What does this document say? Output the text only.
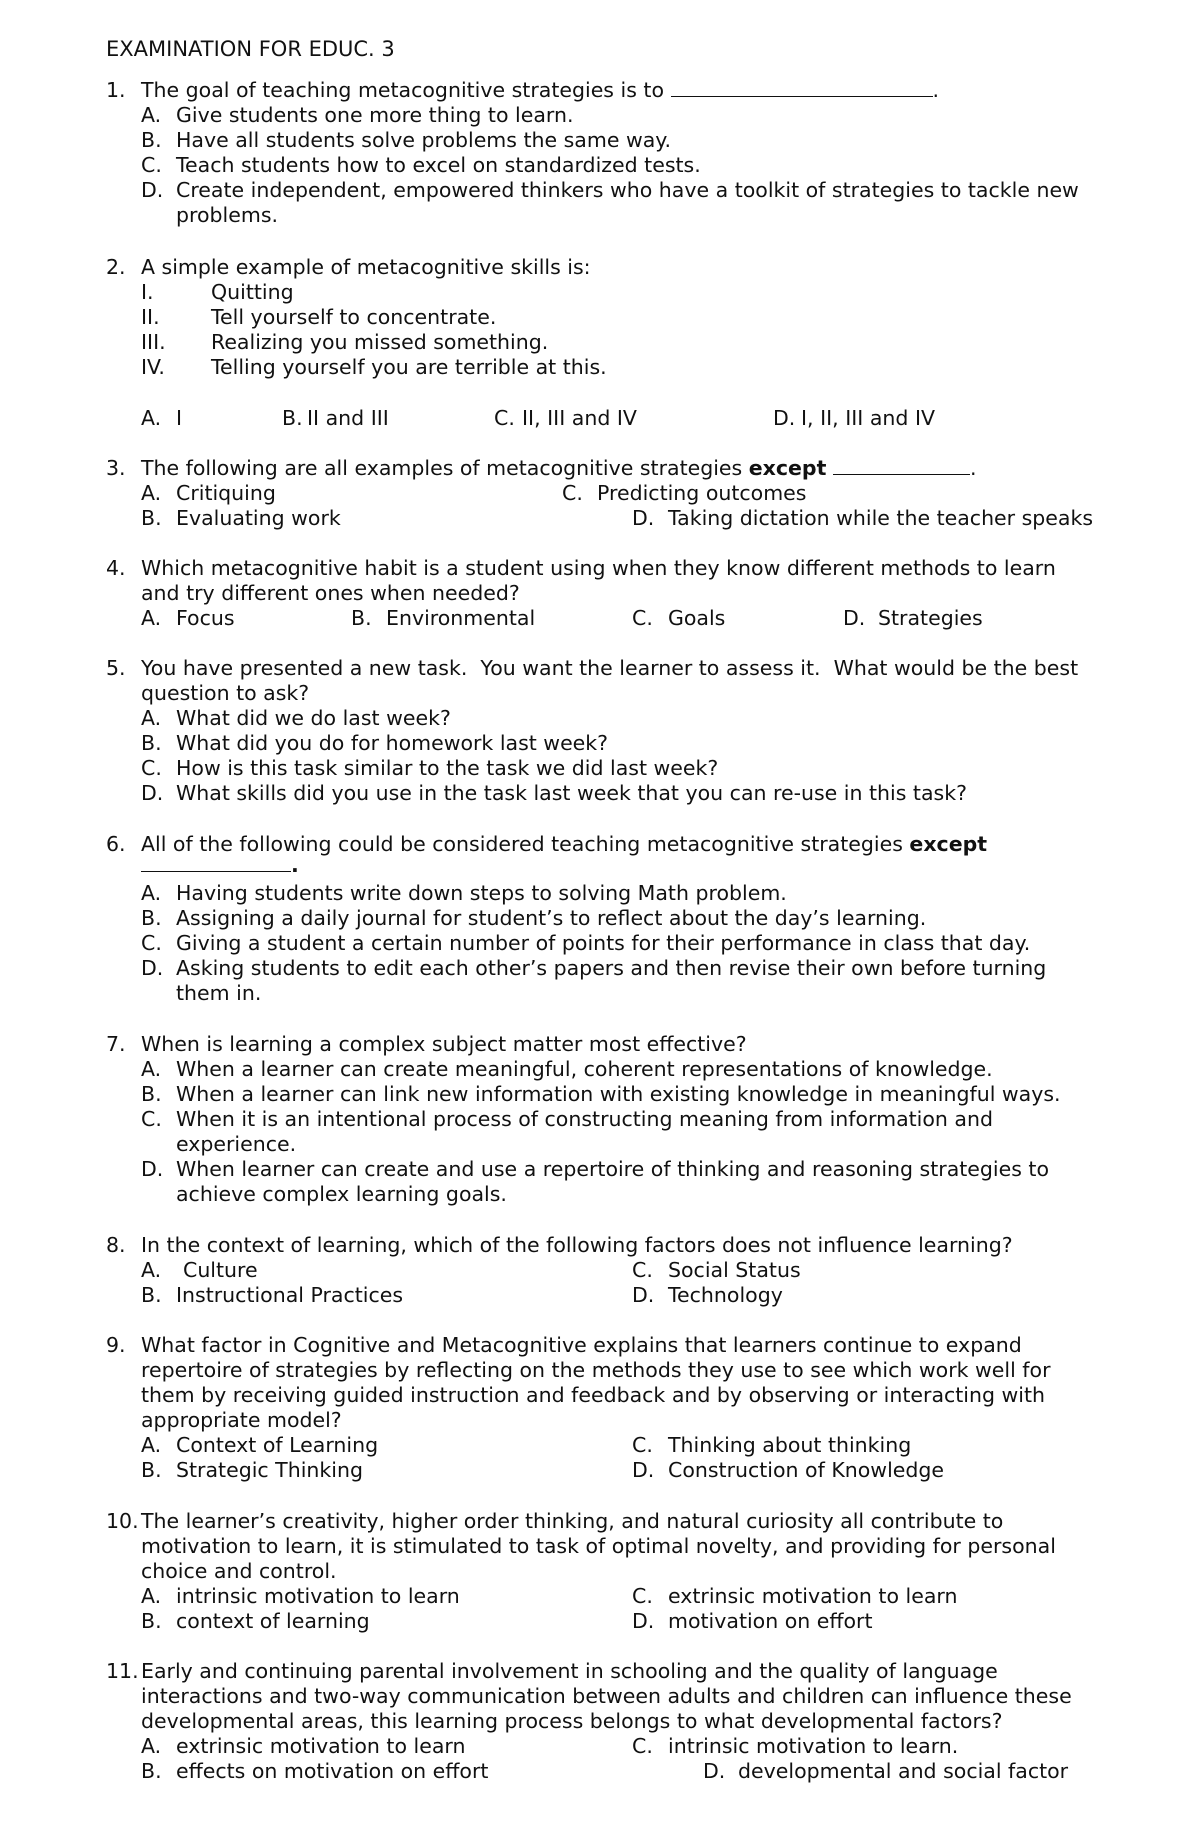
EXAMINATION FOR EDUC. 3
1. The goal of teaching metacognitive strategies is to	.
A. Give students one more thing to learn.
B. Have all students solve problems the same way.
C. Teach students how to excel on standardized tests.
D. Create independent, empowered thinkers who have a toolkit of strategies to tackle new
problems.
2. A simple example of metacognitive skills is:
I.	Quitting
II.	Tell yourself to concentrate.
III. Realizing you missed something.
IV. Telling yourself you are terrible at this.
A. I	B. II and III	C. II, III and IV	D. I, II, III and IV
3. The following are all examples of metacognitive strategies except	.
A. Critiquing	C. Predicting outcomes
B. Evaluating work	D. Taking dictation while the teacher speaks
4. Which metacognitive habit is a student using when they know different methods to learn
and try different ones when needed?
A. Focus	B. Environmental	C. Goals	D. Strategies
5. You have presented a new task.  You want the learner to assess it.  What would be the best
question to ask?
A. What did we do last week?
B. What did you do for homework last week?
C. How is this task similar to the task we did last week?
D. What skills did you use in the task last week that you can re-use in this task?
6. All of the following could be considered teaching metacognitive strategies except
.
A. Having students write down steps to solving Math problem.
B. Assigning a daily journal for student’s to reflect about the day’s learning.
C. Giving a student a certain number of points for their performance in class that day.
D. Asking students to edit each other’s papers and then revise their own before turning
them in.
7. When is learning a complex subject matter most effective?
A. When a learner can create meaningful, coherent representations of knowledge.
B. When a learner can link new information with existing knowledge in meaningful ways.
C. When it is an intentional process of constructing meaning from information and
experience.
D. When learner can create and use a repertoire of thinking and reasoning strategies to
achieve complex learning goals.
8. In the context of learning, which of the following factors does not influence learning?
A. Culture	C. Social Status
B. Instructional Practices	D. Technology
9. What factor in Cognitive and Metacognitive explains that learners continue to expand
repertoire of strategies by reflecting on the methods they use to see which work well for
them by receiving guided instruction and feedback and by observing or interacting with
appropriate model?
A. Context of Learning	C. Thinking about thinking
B. Strategic Thinking	D. Construction of Knowledge
10. The learner’s creativity, higher order thinking, and natural curiosity all contribute to
motivation to learn, it is stimulated to task of optimal novelty, and providing for personal
choice and control.
A. intrinsic motivation to learn	C. extrinsic motivation to learn
B. context of learning	D. motivation on effort
11. Early and continuing parental involvement in schooling and the quality of language
interactions and two-way communication between adults and children can influence these
developmental areas, this learning process belongs to what developmental factors?
A. extrinsic motivation to learn	C. intrinsic motivation to learn.
B. effects on motivation on effort	D. developmental and social factor
